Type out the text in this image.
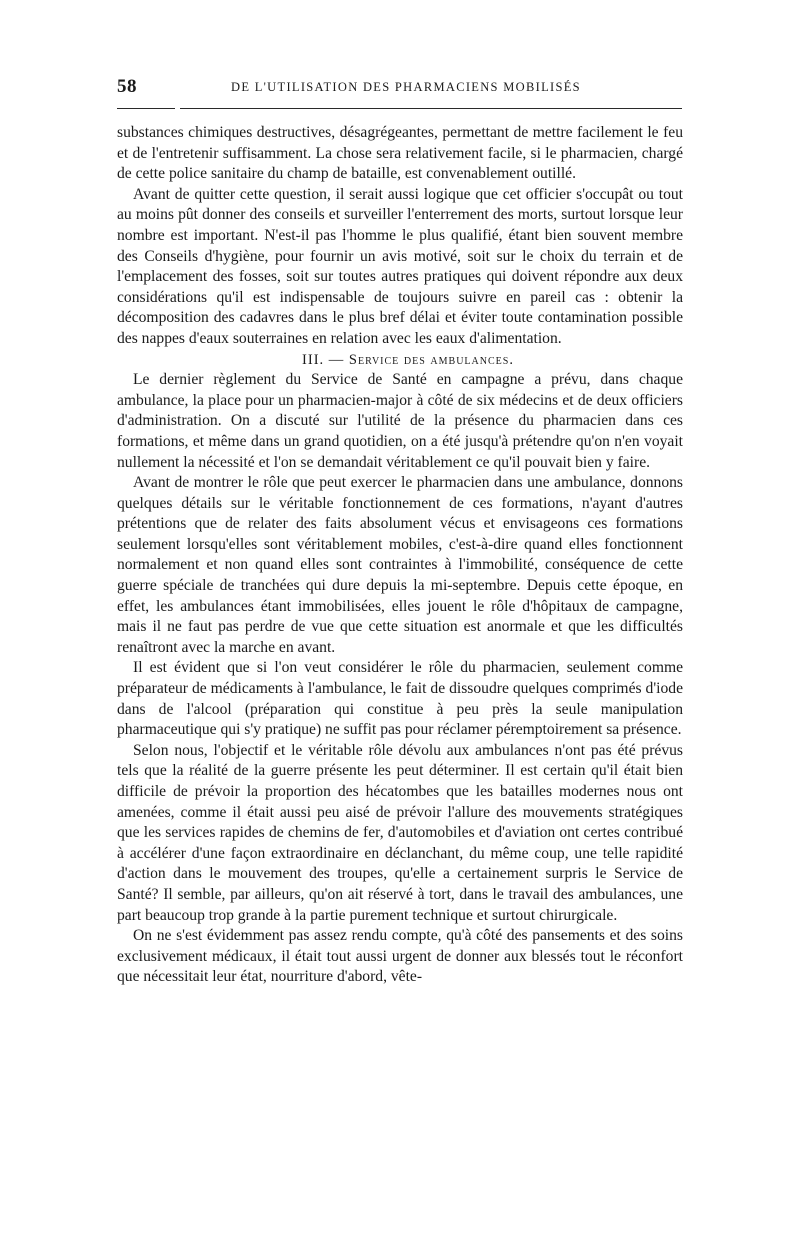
58	DE L'UTILISATION DES PHARMACIENS MOBILISÉS

substances chimiques destructives, désagrégeantes, permettant de mettre facilement le feu et de l'entretenir suffisamment. La chose sera relativement facile, si le pharmacien, chargé de cette police sanitaire du champ de bataille, est convenablement outillé.

Avant de quitter cette question, il serait aussi logique que cet officier s'occupât ou tout au moins pût donner des conseils et surveiller l'enterrement des morts, surtout lorsque leur nombre est important. N'est-il pas l'homme le plus qualifié, étant bien souvent membre des Conseils d'hygiène, pour fournir un avis motivé, soit sur le choix du terrain et de l'emplacement des fosses, soit sur toutes autres pratiques qui doivent répondre aux deux considérations qu'il est indispensable de toujours suivre en pareil cas : obtenir la décomposition des cadavres dans le plus bref délai et éviter toute contamination possible des nappes d'eaux souterraines en relation avec les eaux d'alimentation.

III. — Service des ambulances.

Le dernier règlement du Service de Santé en campagne a prévu, dans chaque ambulance, la place pour un pharmacien-major à côté de six médecins et de deux officiers d'administration. On a discuté sur l'utilité de la présence du pharmacien dans ces formations, et même dans un grand quotidien, on a été jusqu'à prétendre qu'on n'en voyait nullement la nécessité et l'on se demandait véritablement ce qu'il pouvait bien y faire.

Avant de montrer le rôle que peut exercer le pharmacien dans une ambulance, donnons quelques détails sur le véritable fonctionnement de ces formations, n'ayant d'autres prétentions que de relater des faits absolument vécus et envisageons ces formations seulement lorsqu'elles sont véritablement mobiles, c'est-à-dire quand elles fonctionnent normalement et non quand elles sont contraintes à l'immobilité, conséquence de cette guerre spéciale de tranchées qui dure depuis la mi-septembre. Depuis cette époque, en effet, les ambulances étant immobilisées, elles jouent le rôle d'hôpitaux de campagne, mais il ne faut pas perdre de vue que cette situation est anormale et que les difficultés renaîtront avec la marche en avant.

Il est évident que si l'on veut considérer le rôle du pharmacien, seulement comme préparateur de médicaments à l'ambulance, le fait de dissoudre quelques comprimés d'iode dans de l'alcool (préparation qui constitue à peu près la seule manipulation pharmaceutique qui s'y pratique) ne suffit pas pour réclamer péremptoirement sa présence.

Selon nous, l'objectif et le véritable rôle dévolu aux ambulances n'ont pas été prévus tels que la réalité de la guerre présente les peut déterminer. Il est certain qu'il était bien difficile de prévoir la proportion des hécatombes que les batailles modernes nous ont amenées, comme il était aussi peu aisé de prévoir l'allure des mouvements stratégiques que les services rapides de chemins de fer, d'automobiles et d'aviation ont certes contribué à accélérer d'une façon extraordinaire en déclanchant, du même coup, une telle rapidité d'action dans le mouvement des troupes, qu'elle a certainement surpris le Service de Santé? Il semble, par ailleurs, qu'on ait réservé à tort, dans le travail des ambulances, une part beaucoup trop grande à la partie purement technique et surtout chirurgicale.

On ne s'est évidemment pas assez rendu compte, qu'à côté des pansements et des soins exclusivement médicaux, il était tout aussi urgent de donner aux blessés tout le réconfort que nécessitait leur état, nourriture d'abord, vête-
